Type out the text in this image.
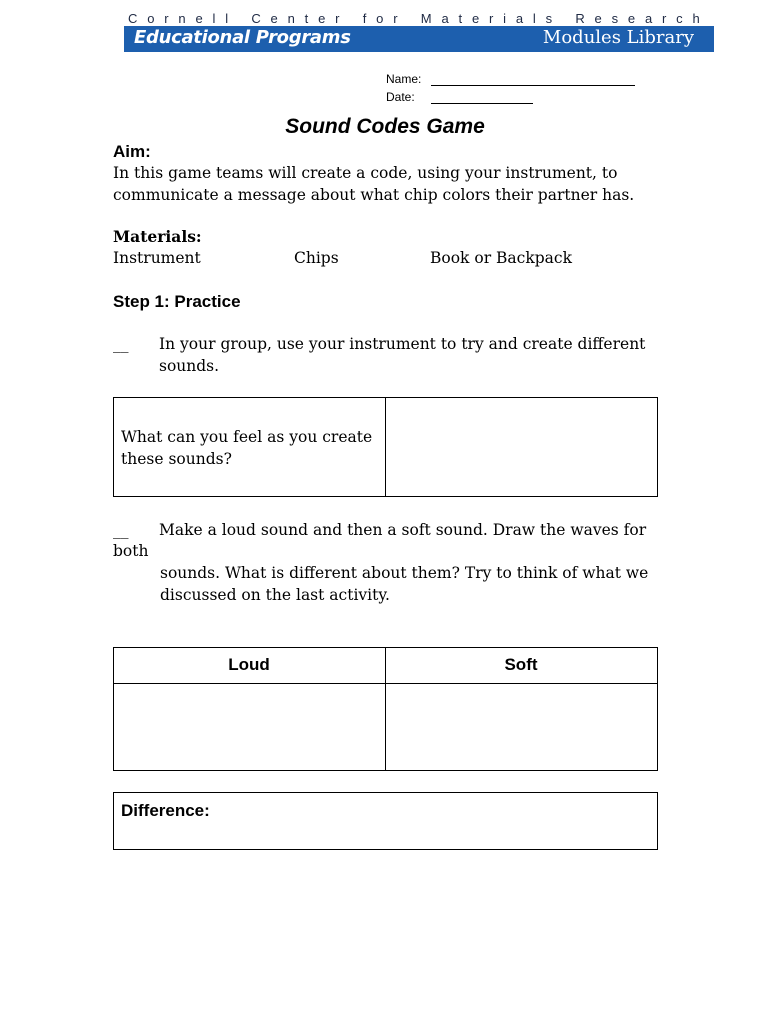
C o r n e l l
C e n t e r
f o r
M a t e r i a l s
R e s e a r c h
Educational Programs	Modules Library
Name:
Date:
Sound Codes Game
Aim:
In this game teams will create a code, using your instrument, to
communicate a message about what chip colors their partner has.
Materials:
Instrument	Chips	Book or Backpack
Step 1: Practice
__ In your group, use your instrument to try and create different
sounds.
What can you feel as you create
these sounds?
__ Make a loud sound and then a soft sound. Draw the waves for
both
sounds. What is different about them? Try to think of what we
discussed on the last activity.
Loud	Soft
Difference:
